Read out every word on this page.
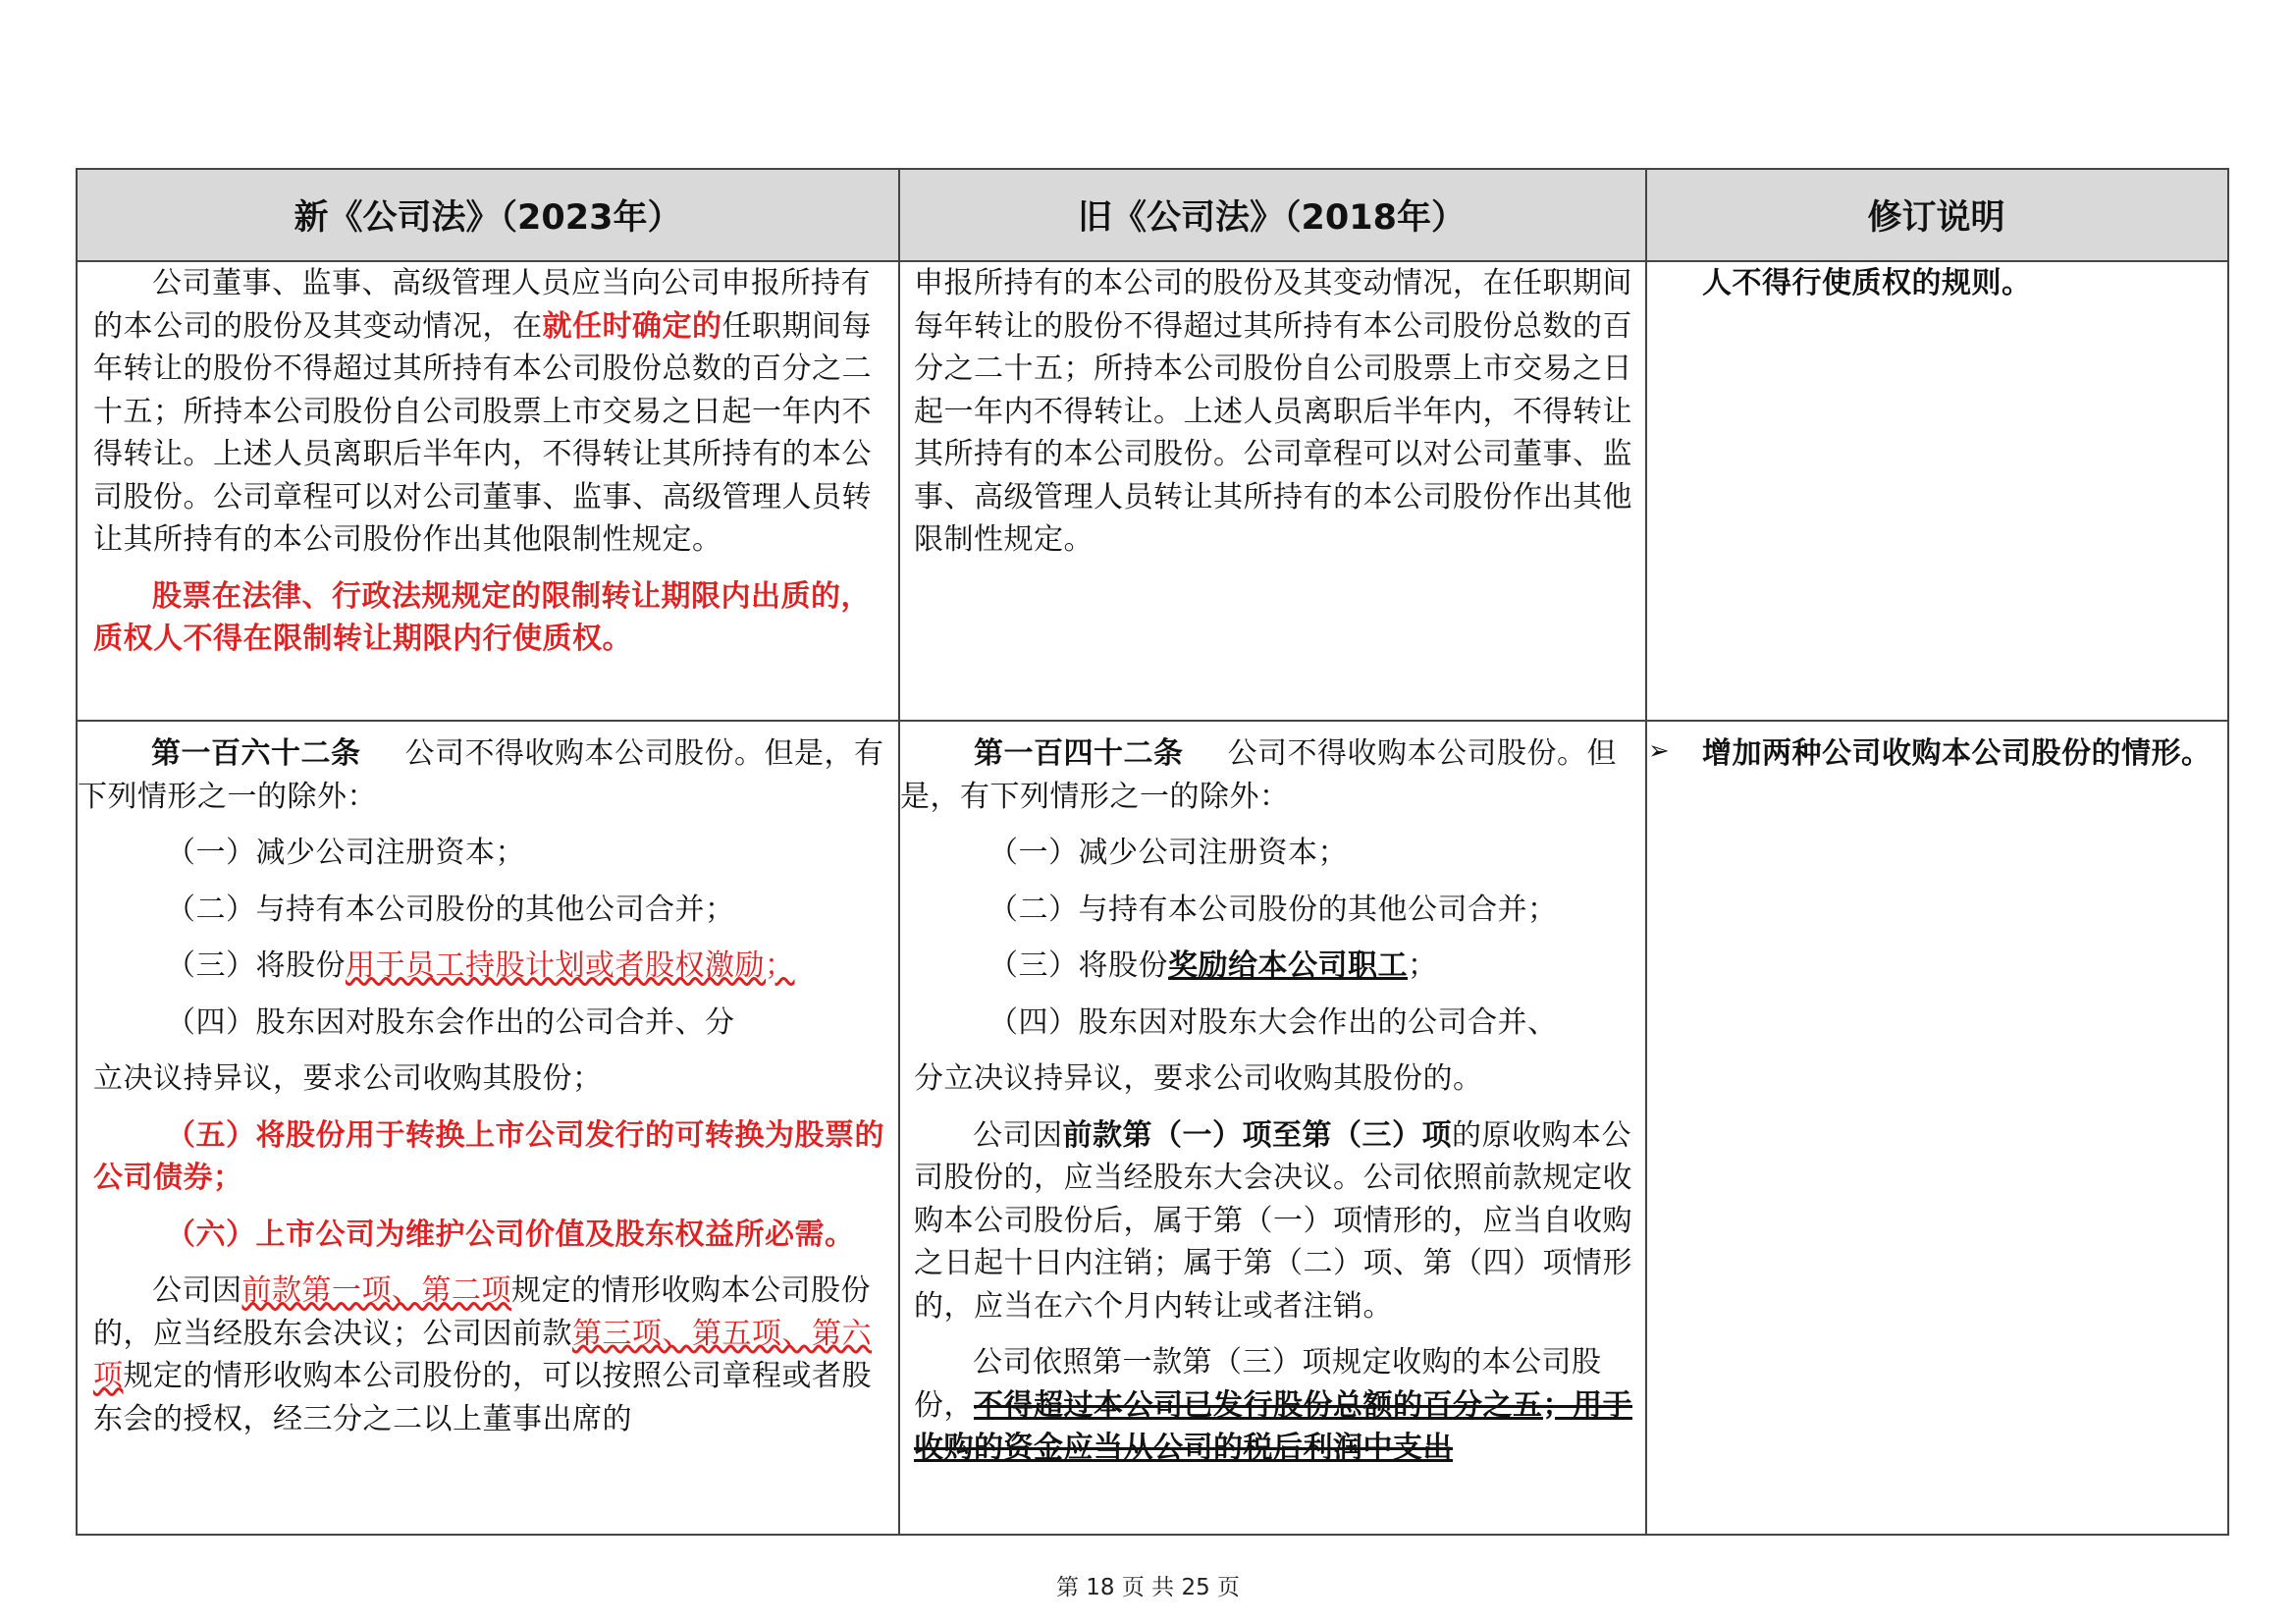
新《公司法》（2023年）	旧《公司法》（2018年）	修订说明

公司董事、监事、高级管理人员应当向公司申报所持有的本公司的股份及其变动情况，在就任时确定的任职期间每年转让的股份不得超过其所持有本公司股份总数的百分之二十五；所持本公司股份自公司股票上市交易之日起一年内不得转让。上述人员离职后半年内，不得转让其所持有的本公司股份。公司章程可以对公司董事、监事、高级管理人员转让其所持有的本公司股份作出其他限制性规定。

股票在法律、行政法规规定的限制转让期限内出质的，质权人不得在限制转让期限内行使质权。

申报所持有的本公司的股份及其变动情况，在任职期间每年转让的股份不得超过其所持有本公司股份总数的百分之二十五；所持本公司股份自公司股票上市交易之日起一年内不得转让。上述人员离职后半年内，不得转让其所持有的本公司股份。公司章程可以对公司董事、监事、高级管理人员转让其所持有的本公司股份作出其他限制性规定。

人不得行使质权的规则。

第一百六十二条 公司不得收购本公司股份。但是，有下列情形之一的除外：

（一）减少公司注册资本；

（二）与持有本公司股份的其他公司合并；

（三）将股份用于员工持股计划或者股权激励；

（四）股东因对股东会作出的公司合并、分

立决议持异议，要求公司收购其股份；

（五）将股份用于转换上市公司发行的可转换为股票的公司债券；

（六）上市公司为维护公司价值及股东权益所必需。

公司因前款第一项、第二项规定的情形收购本公司股份的，应当经股东会决议；公司因前款第三项、第五项、第六项规定的情形收购本公司股份的，可以按照公司章程或者股东会的授权，经三分之二以上董事出席的

第一百四十二条 公司不得收购本公司股份。但是，有下列情形之一的除外：

（一）减少公司注册资本；

（二）与持有本公司股份的其他公司合并；

（三）将股份奖励给本公司职工；

（四）股东因对股东大会作出的公司合并、

分立决议持异议，要求公司收购其股份的。

公司因前款第（一）项至第（三）项的原收购本公司股份的，应当经股东大会决议。公司依照前款规定收购本公司股份后，属于第（一）项情形的，应当自收购之日起十日内注销；属于第（二）项、第（四）项情形的，应当在六个月内转让或者注销。

公司依照第一款第（三）项规定收购的本公司股份，不得超过本公司已发行股份总额的百分之五；用于收购的资金应当从公司的税后利润中支出

➢ 增加两种公司收购本公司股份的情形。

第 18 页 共 25 页
